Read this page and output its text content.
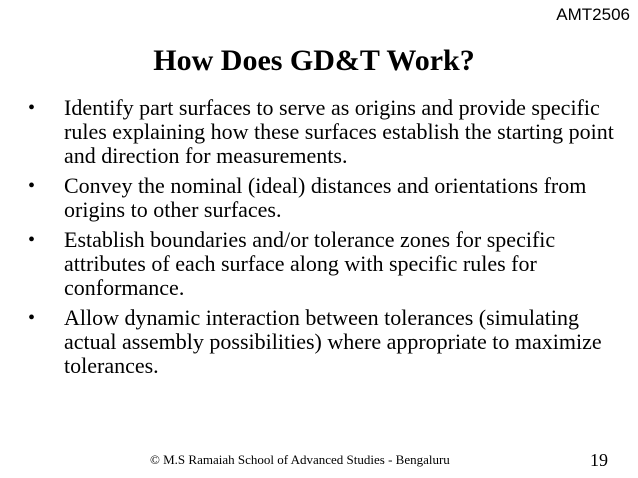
AMT2506
How Does GD&T Work?
• Identify part surfaces to serve as origins and provide specific rules explaining how these surfaces establish the starting point and direction for measurements.
• Convey the nominal (ideal) distances and orientations from origins to other surfaces.
• Establish boundaries and/or tolerance zones for specific attributes of each surface along with specific rules for conformance.
• Allow dynamic interaction between tolerances (simulating actual assembly possibilities) where appropriate to maximize tolerances.
© M.S Ramaiah School of Advanced Studies - Bengaluru	19
